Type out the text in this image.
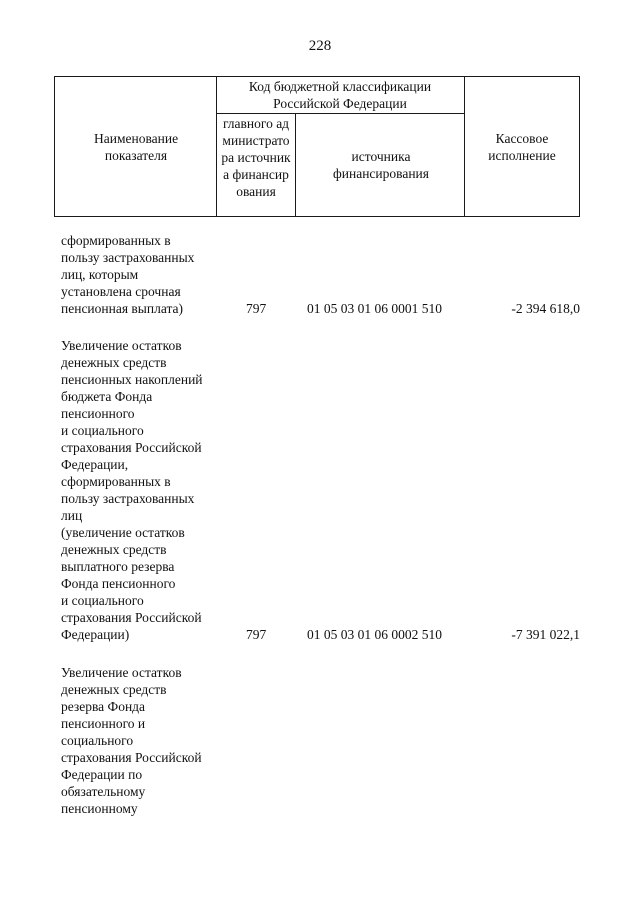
228
Наименование показателя
Код бюджетной классификации Российской Федерации
главного администратора источника финансирования
источника финансирования
Кассовое исполнение
сформированных в
пользу застрахованных
лиц, которым
установлена срочная
пенсионная выплата)	797	01 05 03 01 06 0001 510	-2 394 618,0
Увеличение остатков
денежных средств
пенсионных накоплений
бюджета Фонда
пенсионного
и социального
страхования Российской
Федерации,
сформированных в
пользу застрахованных
лиц
(увеличение остатков
денежных средств
выплатного резерва
Фонда пенсионного
и социального
страхования Российской
Федерации)	797	01 05 03 01 06 0002 510	-7 391 022,1
Увеличение остатков
денежных средств
резерва Фонда
пенсионного и
социального
страхования Российской
Федерации по
обязательному
пенсионному
